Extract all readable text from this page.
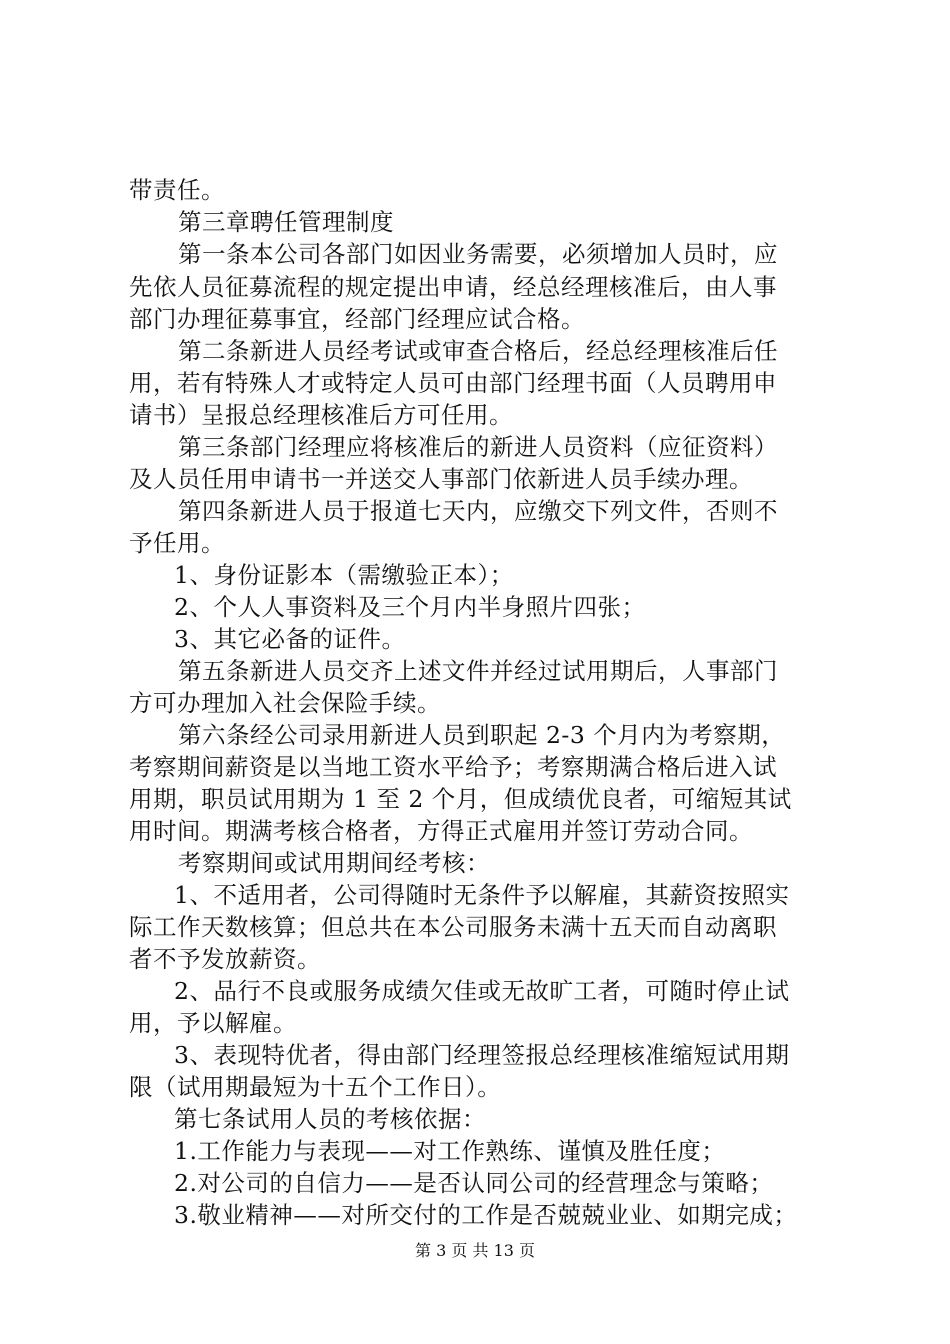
带责任。
第三章聘任管理制度
第一条本公司各部门如因业务需要，必须增加人员时，应
先依人员征募流程的规定提出申请，经总经理核准后，由人事
部门办理征募事宜，经部门经理应试合格。
第二条新进人员经考试或审查合格后，经总经理核准后任
用，若有特殊人才或特定人员可由部门经理书面（人员聘用申
请书）呈报总经理核准后方可任用。
第三条部门经理应将核准后的新进人员资料（应征资料）
及人员任用申请书一并送交人事部门依新进人员手续办理。
第四条新进人员于报道七天内，应缴交下列文件，否则不
予任用。
1、身份证影本（需缴验正本）；
2、个人人事资料及三个月内半身照片四张；
3、其它必备的证件。
第五条新进人员交齐上述文件并经过试用期后，人事部门
方可办理加入社会保险手续。
第六条经公司录用新进人员到职起 2-3 个月内为考察期，
考察期间薪资是以当地工资水平给予；考察期满合格后进入试
用期，职员试用期为 1 至 2 个月，但成绩优良者，可缩短其试
用时间。期满考核合格者，方得正式雇用并签订劳动合同。
考察期间或试用期间经考核：
1、不适用者，公司得随时无条件予以解雇，其薪资按照实
际工作天数核算；但总共在本公司服务未满十五天而自动离职
者不予发放薪资。
2、品行不良或服务成绩欠佳或无故旷工者，可随时停止试
用，予以解雇。
3、表现特优者，得由部门经理签报总经理核准缩短试用期
限（试用期最短为十五个工作日）。
第七条试用人员的考核依据：
1.工作能力与表现——对工作熟练、谨慎及胜任度；
2.对公司的自信力——是否认同公司的经营理念与策略；
3.敬业精神——对所交付的工作是否兢兢业业、如期完成；
第 3 页 共 13 页
